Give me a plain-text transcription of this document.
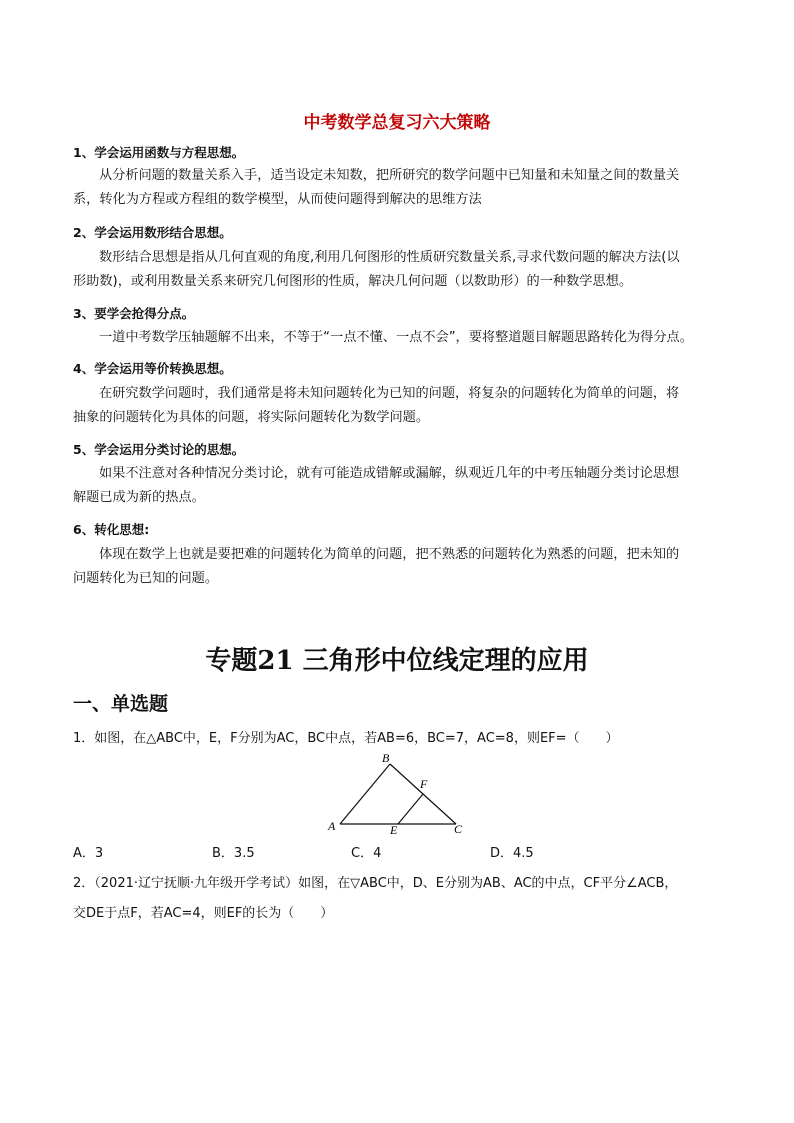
中考数学总复习六大策略
1、学会运用函数与方程思想。
从分析问题的数量关系入手，适当设定未知数，把所研究的数学问题中已知量和未知量之间的数量关
系，转化为方程或方程组的数学模型，从而使问题得到解决的思维方法
2、学会运用数形结合思想。
数形结合思想是指从几何直观的角度,利用几何图形的性质研究数量关系,寻求代数问题的解决方法(以
形助数)，或利用数量关系来研究几何图形的性质，解决几何问题（以数助形）的一种数学思想。
3、要学会抢得分点。
一道中考数学压轴题解不出来，不等于“一点不懂、一点不会”，要将整道题目解题思路转化为得分点。
4、学会运用等价转换思想。
在研究数学问题时，我们通常是将未知问题转化为已知的问题，将复杂的问题转化为简单的问题，将
抽象的问题转化为具体的问题，将实际问题转化为数学问题。
5、学会运用分类讨论的思想。
如果不注意对各种情况分类讨论，就有可能造成错解或漏解，纵观近几年的中考压轴题分类讨论思想
解题已成为新的热点。
6、转化思想:
体现在数学上也就是要把难的问题转化为简单的问题，把不熟悉的问题转化为熟悉的问题，把未知的
问题转化为已知的问题。
专题21 三角形中位线定理的应用
一、单选题
1．如图，在△ABC中，E，F分别为AC，BC中点，若AB=6，BC=7，AC=8，则EF=（　　）
B
F
A	E	C
A．3	B．3.5	C．4	D．4.5
2．（2021·辽宁抚顺·九年级开学考试）如图，在▽ABC中，D、E分别为AB、AC的中点，CF平分∠ACB，
交DE于点F，若AC=4，则EF的长为（　　）
